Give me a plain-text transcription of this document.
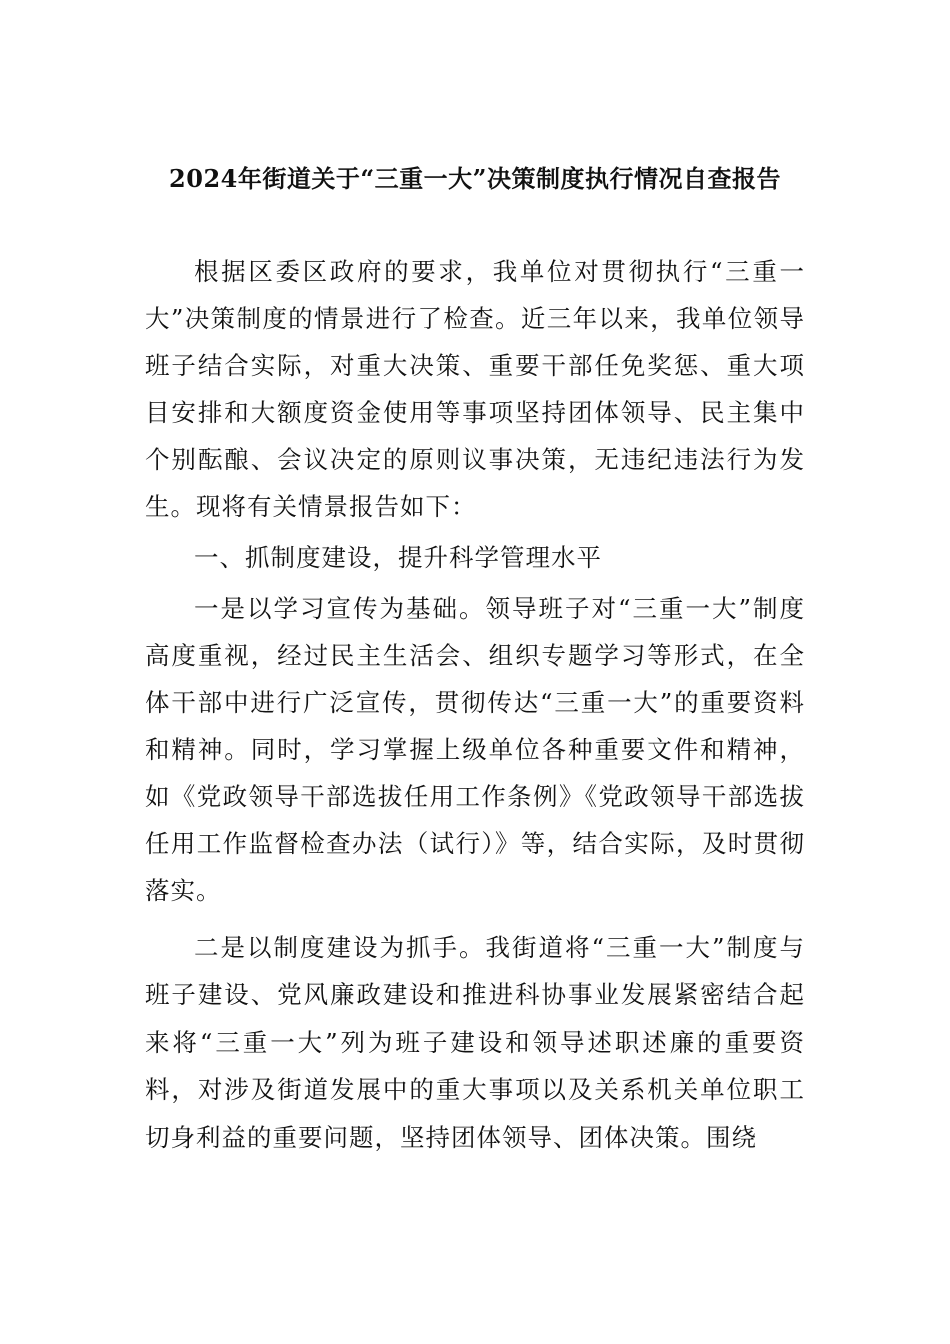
2024年街道关于“三重一大”决策制度执行情况自查报告

根据区委区政府的要求，我单位对贯彻执行“三重一大”决策制度的情景进行了检查。近三年以来，我单位领导班子结合实际，对重大决策、重要干部任免奖惩、重大项目安排和大额度资金使用等事项坚持团体领导、民主集中个别酝酿、会议决定的原则议事决策，无违纪违法行为发生。现将有关情景报告如下：

一、抓制度建设，提升科学管理水平

一是以学习宣传为基础。领导班子对“三重一大”制度高度重视，经过民主生活会、组织专题学习等形式，在全体干部中进行广泛宣传，贯彻传达“三重一大”的重要资料和精神。同时，学习掌握上级单位各种重要文件和精神，如《党政领导干部选拔任用工作条例》《党政领导干部选拔任用工作监督检查办法（试行）》等，结合实际，及时贯彻落实。

二是以制度建设为抓手。我街道将“三重一大”制度与班子建设、党风廉政建设和推进科协事业发展紧密结合起来将“三重一大”列为班子建设和领导述职述廉的重要资料，对涉及街道发展中的重大事项以及关系机关单位职工切身利益的重要问题，坚持团体领导、团体决策。围绕
